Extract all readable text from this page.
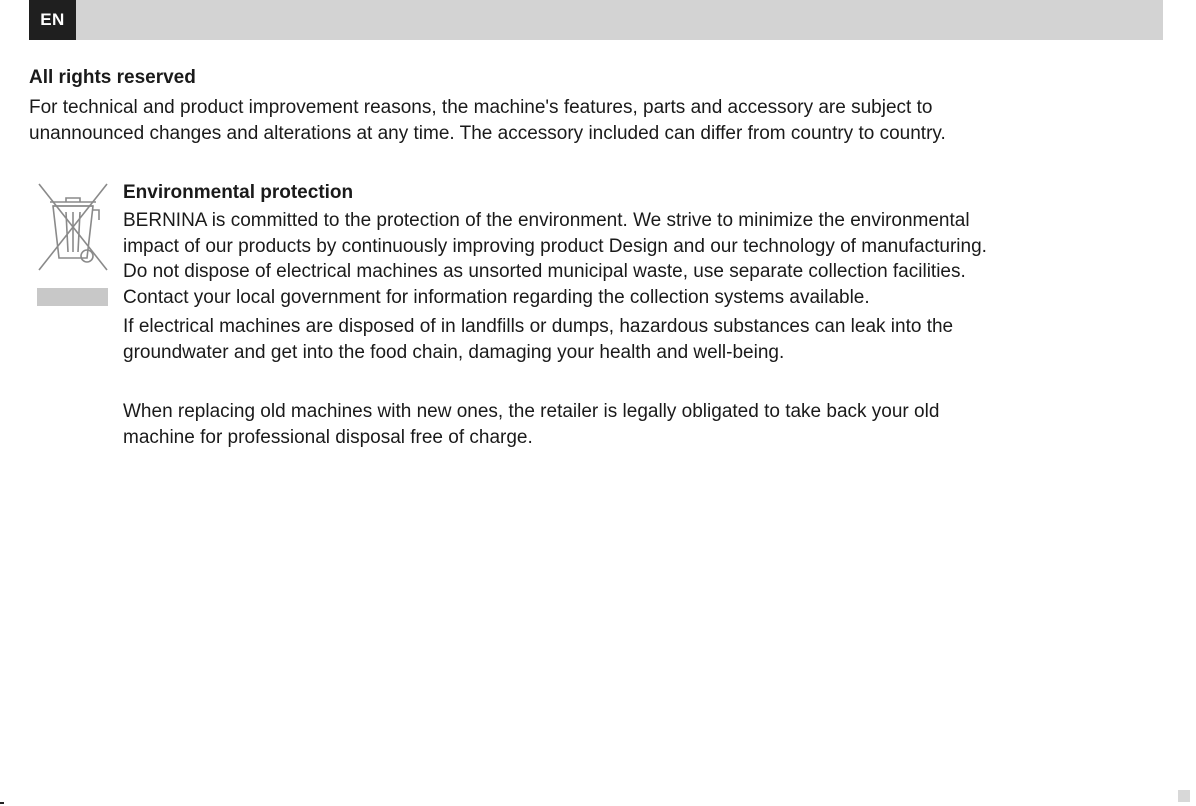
EN
All rights reserved

For technical and product improvement reasons, the machine's features, parts and accessory are subject to
unannounced changes and alterations at any time. The accessory included can differ from country to country.

Environmental protection

BERNINA is committed to the protection of the environment. We strive to minimize the environmental
impact of our products by continuously improving product Design and our technology of manufacturing.
Do not dispose of electrical machines as unsorted municipal waste, use separate collection facilities.
Contact your local government for information regarding the collection systems available.

If electrical machines are disposed of in landfills or dumps, hazardous substances can leak into the
groundwater and get into the food chain, damaging your health and well-being.

When replacing old machines with new ones, the retailer is legally obligated to take back your old
machine for professional disposal free of charge.
